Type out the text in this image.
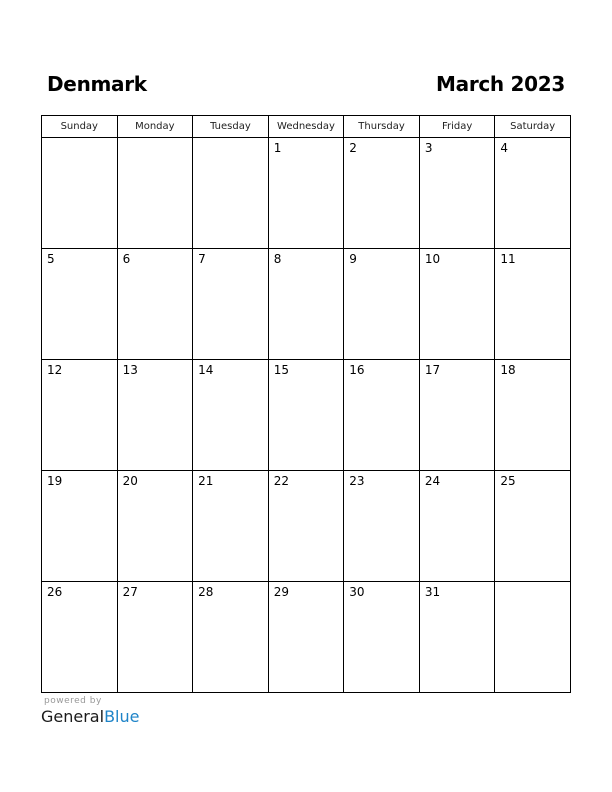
Denmark	March 2023
Sunday	Monday	Tuesday	Wednesday	Thursday	Friday	Saturday

			1	2	3	4

5	6	7	8	9	10	11

12	13	14	15	16	17	18

19	20	21	22	23	24	25

26	27	28	29	30	31	

powered by
GeneralBlue
